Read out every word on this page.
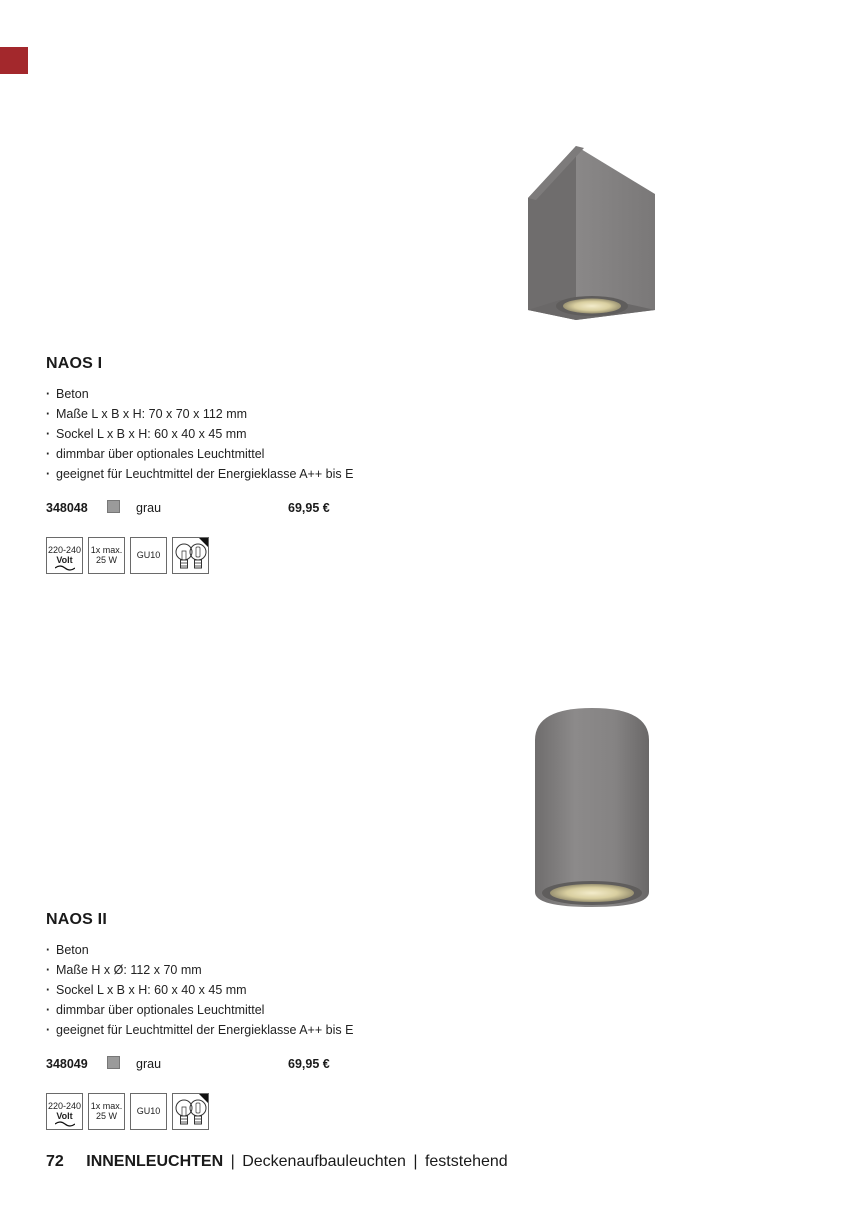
NAOS I
· Beton
· Maße L x B x H: 70 x 70 x 112 mm
· Sockel L x B x H: 60 x 40 x 45 mm
· dimmbar über optionales Leuchtmittel
· geeignet für Leuchtmittel der Energieklasse A++ bis E
348048	grau	69,95 €
220-240
Volt
1x max.
25 W	GU10
NAOS II
· Beton
· Maße H x Ø: 112 x 70 mm
· Sockel L x B x H: 60 x 40 x 45 mm
· dimmbar über optionales Leuchtmittel
· geeignet für Leuchtmittel der Energieklasse A++ bis E
348049	grau	69,95 €
220-240
Volt
1x max.
25 W	GU10
72 INNENLEUCHTEN | Deckenaufbauleuchten | feststehend
